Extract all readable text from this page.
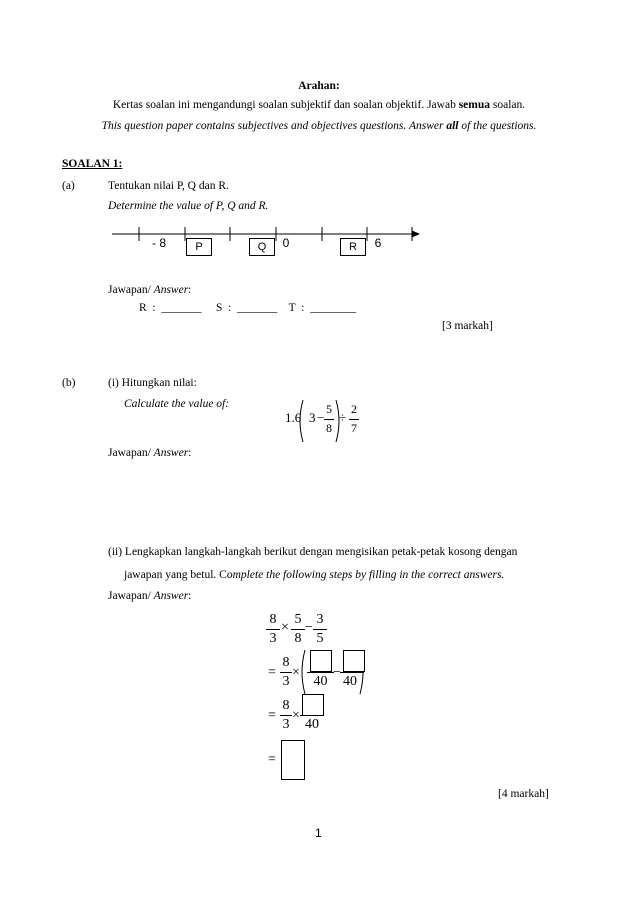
Arahan:
Kertas soalan ini mengandungi soalan subjektif dan soalan objektif. Jawab semua soalan.
This question paper contains subjectives and objectives questions. Answer all of the questions.
SOALAN 1:
(a)	Tentukan nilai P, Q dan R.
Determine the value of P, Q and R.
- 8	P	Q	0	R	6
Jawapan/ Answer:
R  :  _______     S  :  _______    T  :  ________
[3 markah]
(b)	(i) Hitungkan nilai:
Calculate the value of:
1.6 3 −
5
8
÷
2
7
Jawapan/ Answer:
(ii) Lengkapkan langkah-langkah berikut dengan mengisikan petak-petak kosong dengan
jawapan yang betul. Complete the following steps by filling in the correct answers.
Jawapan/ Answer:
8
3
×
5
8
−
3
5
=
8
3
×
40
−
40
=
8
3
×
40
=
[4 markah]
1
